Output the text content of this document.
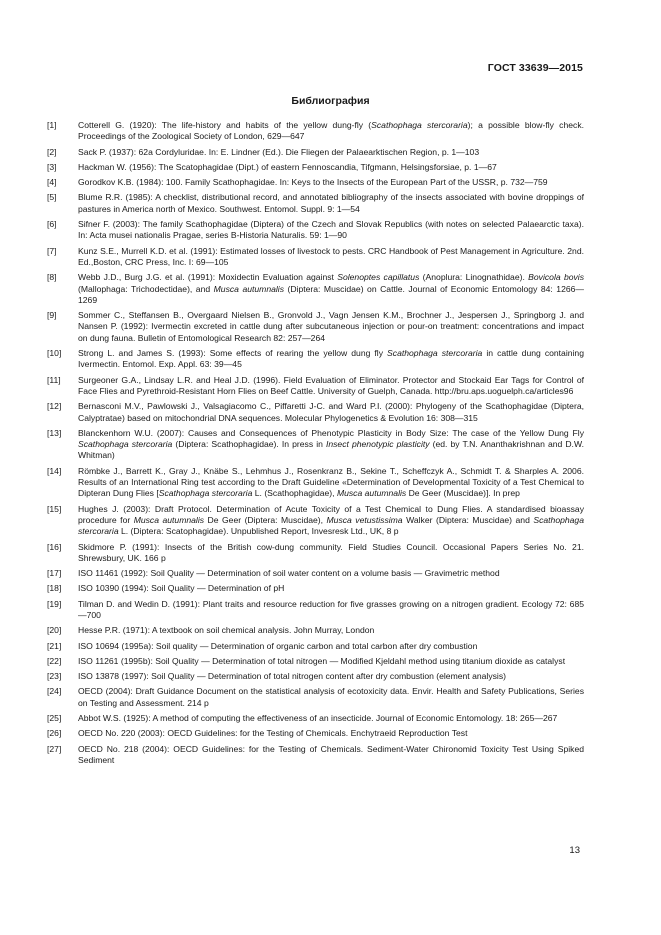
ГОСТ 33639—2015
Библиография
[1]	Cotterell G. (1920): The life-history and habits of the yellow dung-fly (Scathophaga stercoraria); a possible blow-fly check. Proceedings of the Zoological Society of London, 629—647
[2]	Sack P. (1937): 62a Cordyluridae. In: E. Lindner (Ed.). Die Fliegen der Palaearktischen Region, p. 1—103
[3]	Hackman W. (1956): The Scatophagidae (Dipt.) of eastern Fennoscandia, Tifgmann, Helsingsforsiae, p. 1—67
[4]	Gorodkov K.B. (1984): 100. Family Scathophagidae. In: Keys to the Insects of the European Part of the USSR, p. 732—759
[5]	Blume R.R. (1985): A checklist, distributional record, and annotated bibliography of the insects associated with bovine droppings of pastures in America north of Mexico. Southwest. Entomol. Suppl. 9: 1—54
[6]	Sifner F. (2003): The family Scathophagidae (Diptera) of the Czech and Slovak Republics (with notes on selected Palaearctic taxa). In: Acta musei nationalis Pragae, series B-Historia Naturalis. 59: 1—90
[7]	Kunz S.E., Murrell K.D. et al. (1991): Estimated losses of livestock to pests. CRC Handbook of Pest Management in Agriculture. 2nd. Ed.,Boston, CRC Press, Inc. I: 69—105
[8]	Webb J.D., Burg J.G. et al. (1991): Moxidectin Evaluation against Solenoptes capillatus (Anoplura: Linognathidae). Bovicola bovis (Mallophaga: Trichodectidae), and Musca autumnalis (Diptera: Muscidae) on Cattle. Journal of Economic Entomology 84: 1266—1269
[9]	Sommer C., Steffansen B., Overgaard Nielsen B., Gronvold J., Vagn Jensen K.M., Brochner J., Jespersen J., Springborg J. and Nansen P. (1992): Ivermectin excreted in cattle dung after subcutaneous injection or pour-on treatment: concentrations and impact on dung fauna. Bulletin of Entomological Research 82: 257—264
[10]	Strong L. and James S. (1993): Some effects of rearing the yellow dung fly Scathophaga stercoraria in cattle dung containing Ivermectin. Entomol. Exp. Appl. 63: 39—45
[11]	Surgeoner G.A., Lindsay L.R. and Heal J.D. (1996). Field Evaluation of Eliminator. Protector and Stockaid Ear Tags for Control of Face Flies and Pyrethroid-Resistant Horn Flies on Beef Cattle. University of Guelph, Canada. http://bru.aps.uoguelph.ca/articles96
[12]	Bernasconi M.V., Pawlowski J., Valsagiacomo C., Piffaretti J-C. and Ward P.I. (2000): Phylogeny of the Scathophagidae (Diptera, Calyptratae) based on mitochondrial DNA sequences. Molecular Phylogenetics & Evolution 16: 308—315
[13]	Blanckenhorn W.U. (2007): Causes and Consequences of Phenotypic Plasticity in Body Size: The case of the Yellow Dung Fly Scathophaga stercoraria (Diptera: Scathophagidae). In press in Insect phenotypic plasticity (ed. by T.N. Ananthakrishnan and D.W. Whitman)
[14]	Römbke J., Barrett K., Gray J., Knäbe S., Lehmhus J., Rosenkranz B., Sekine T., Scheffczyk A., Schmidt T. & Sharples A. 2006. Results of an International Ring test according to the Draft Guideline «Determination of Developmental Toxicity of a Test Chemical to Dipteran Dung Flies [Scathophaga stercoraria L. (Scathophagidae), Musca autumnalis De Geer (Muscidae)]. In prep
[15]	Hughes J. (2003): Draft Protocol. Determination of Acute Toxicity of a Test Chemical to Dung Flies. A standardised bioassay procedure for Musca autumnalis De Geer (Diptera: Muscidae), Musca vetustissima Walker (Diptera: Muscidae) and Scathophaga stercoraria L. (Diptera: Scatophagidae). Unpublished Report, Invesresk Ltd., UK, 8 p
[16]	Skidmore P. (1991): Insects of the British cow-dung community. Field Studies Council. Occasional Papers Series No. 21. Shrewsbury, UK. 166 p
[17]	ISO 11461 (1992): Soil Quality — Determination of soil water content on a volume basis — Gravimetric method
[18]	ISO 10390 (1994): Soil Quality — Determination of pH
[19]	Tilman D. and Wedin D. (1991): Plant traits and resource reduction for five grasses growing on a nitrogen gradient. Ecology 72: 685—700
[20]	Hesse P.R. (1971): A textbook on soil chemical analysis. John Murray, London
[21]	ISO 10694 (1995a): Soil quality — Determination of organic carbon and total carbon after dry combustion
[22]	ISO 11261 (1995b): Soil Quality — Determination of total nitrogen — Modified Kjeldahl method using titanium dioxide as catalyst
[23]	ISO 13878 (1997): Soil Quality — Determination of total nitrogen content after dry combustion (element analysis)
[24]	OECD (2004): Draft Guidance Document on the statistical analysis of ecotoxicity data. Envir. Health and Safety Publications, Series on Testing and Assessment. 214 p
[25]	Abbot W.S. (1925): A method of computing the effectiveness of an insecticide. Journal of Economic Entomology. 18: 265—267
[26]	OECD No. 220 (2003): OECD Guidelines: for the Testing of Chemicals. Enchytraeid Reproduction Test
[27]	OECD No. 218 (2004): OECD Guidelines: for the Testing of Chemicals. Sediment-Water Chironomid Toxicity Test Using Spiked Sediment
13
